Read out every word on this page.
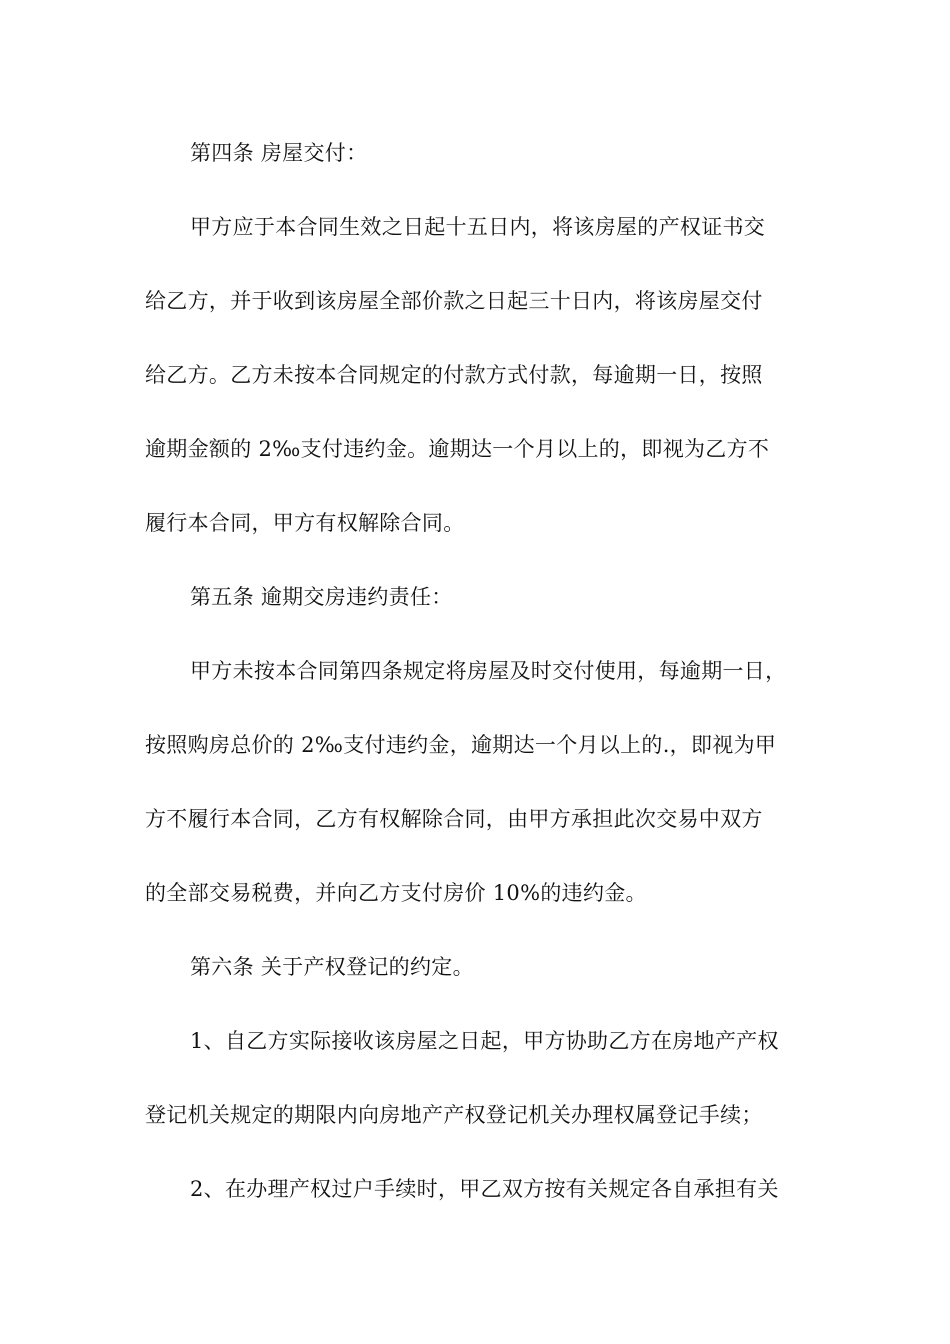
第四条 房屋交付：
甲方应于本合同生效之日起十五日内，将该房屋的产权证书交
给乙方，并于收到该房屋全部价款之日起三十日内，将该房屋交付
给乙方。乙方未按本合同规定的付款方式付款，每逾期一日，按照
逾期金额的 2‰支付违约金。逾期达一个月以上的，即视为乙方不
履行本合同，甲方有权解除合同。
第五条 逾期交房违约责任：
甲方未按本合同第四条规定将房屋及时交付使用，每逾期一日，
按照购房总价的 2‰支付违约金，逾期达一个月以上的.，即视为甲
方不履行本合同，乙方有权解除合同，由甲方承担此次交易中双方
的全部交易税费，并向乙方支付房价 10%的违约金。
第六条 关于产权登记的约定。
1、自乙方实际接收该房屋之日起，甲方协助乙方在房地产产权
登记机关规定的期限内向房地产产权登记机关办理权属登记手续；
2、在办理产权过户手续时，甲乙双方按有关规定各自承担有关
